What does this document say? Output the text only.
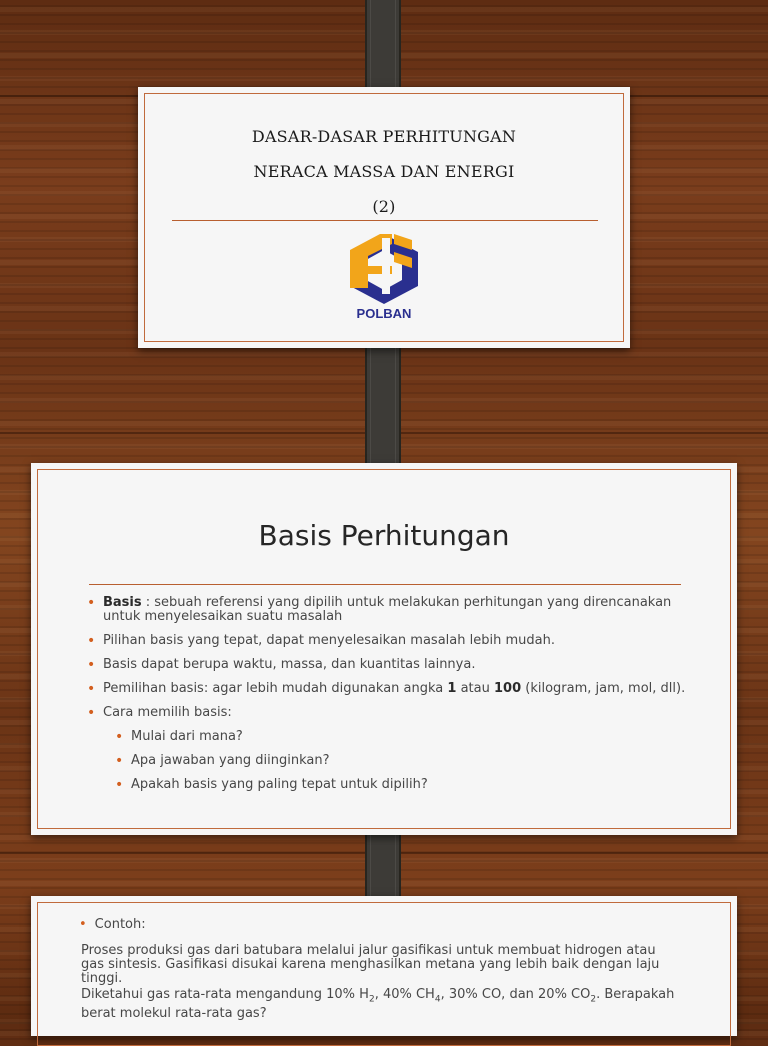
DASAR-DASAR PERHITUNGAN
NERACA MASSA DAN ENERGI
(2)
POLBAN
Basis Perhitungan
• Basis : sebuah referensi yang dipilih untuk melakukan perhitungan yang direncanakan untuk menyelesaikan suatu masalah
• Pilihan basis yang tepat, dapat menyelesaikan masalah lebih mudah.
• Basis dapat berupa waktu, massa, dan kuantitas lainnya.
• Pemilihan basis: agar lebih mudah digunakan angka 1 atau 100 (kilogram, jam, mol, dll).
• Cara memilih basis:
• Mulai dari mana?
• Apa jawaban yang diinginkan?
• Apakah basis yang paling tepat untuk dipilih?
• Contoh:
Proses produksi gas dari batubara melalui jalur gasifikasi untuk membuat hidrogen atau gas sintesis. Gasifikasi disukai karena menghasilkan metana yang lebih baik dengan laju tinggi.
Diketahui gas rata-rata mengandung 10% $H_2$, 40% $CH_4$, 30% CO, dan 20% $CO_2$. Berapakah berat molekul rata-rata gas?
